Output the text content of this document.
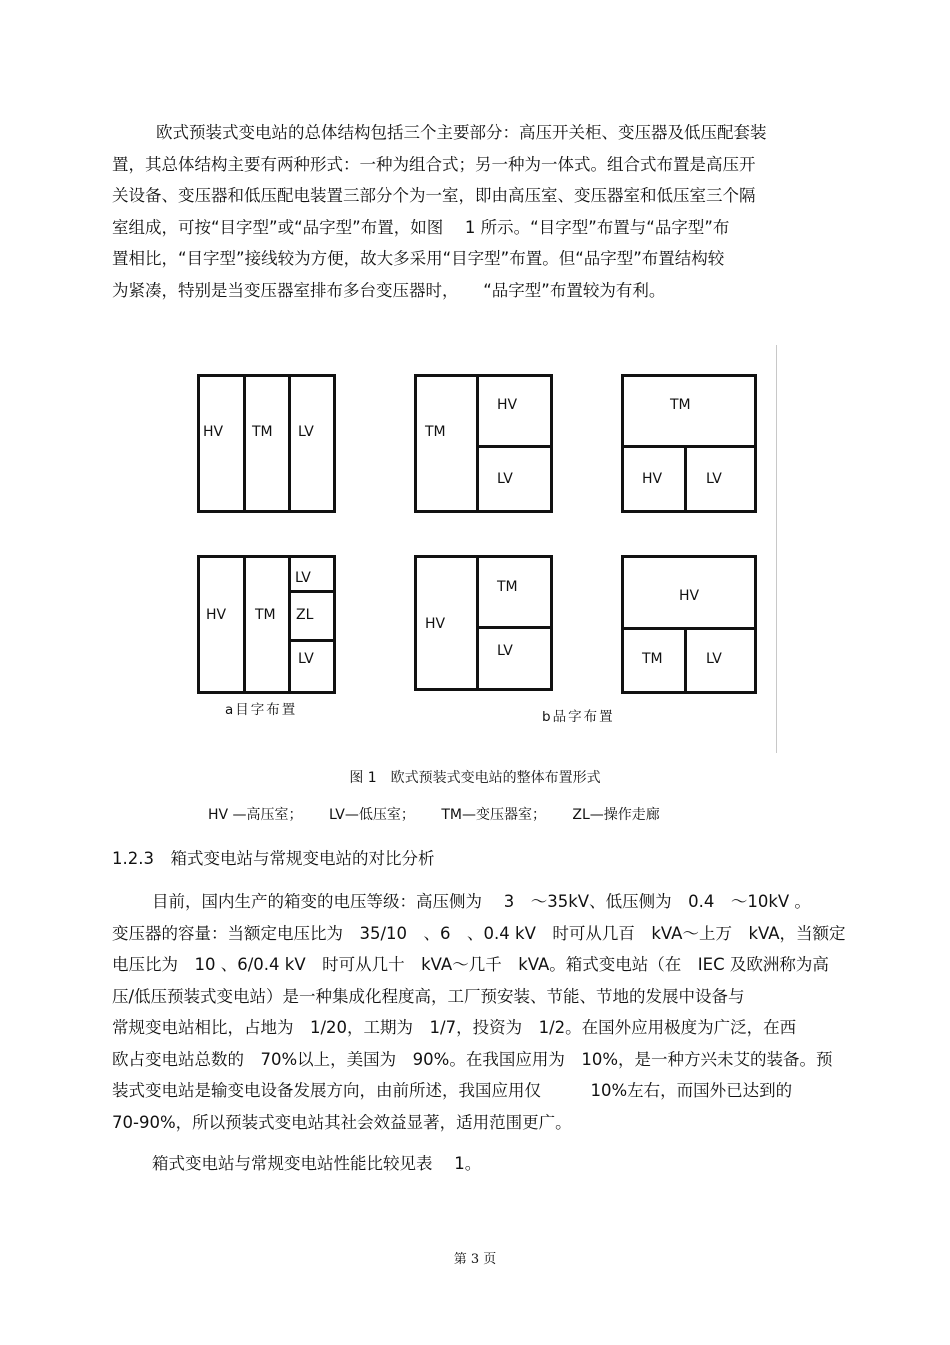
欧式预装式变电站的总体结构包括三个主要部分：高压开关柜、变压器及低压配套装
置，其总体结构主要有两种形式：一种为组合式；另一种为一体式。组合式布置是高压开
关设备、变压器和低压配电装置三部分个为一室，即由高压室、变压器室和低压室三个隔
室组成，可按“目字型”或“品字型”布置，如图　 1 所示。“目字型”布置与“品字型”布
置相比，“目字型”接线较为方便，故大多采用“目字型”布置。但“品字型”布置结构较
为紧凑，特别是当变压器室排布多台变压器时，　　“品字型”布置较为有利。
HV TM LV	TM
HV
LV
TM
HV	LV
HV TM
LV
ZL
LV
HV
TM
LV
HV
TM	LV
a目字布置	b品字布置
图 1　欧式预装式变电站的整体布置形式
HV —高压室； LV—低压室； TM—变压器室； ZL—操作走廊
1.2.3　箱式变电站与常规变电站的对比分析
目前，国内生产的箱变的电压等级：高压侧为　 3　～35kV、低压侧为　0.4　～10kV 。
变压器的容量：当额定电压比为　35/10　、6　、0.4 kV　时可从几百　kVA～上万　kVA，当额定
电压比为　10 、6/0.4 kV　时可从几十　kVA～几千　kVA。箱式变电站（在　IEC 及欧洲称为高
压/低压预装式变电站）是一种集成化程度高，工厂预安装、节能、节地的发展中设备与
常规变电站相比，占地为　1/20，工期为　1/7，投资为　1/2。在国外应用极度为广泛，在西
欧占变电站总数的　70%以上，美国为　90%。在我国应用为　10%，是一种方兴未艾的装备。预
装式变电站是输变电设备发展方向，由前所述，我国应用仅　　　10%左右，而国外已达到的
70-90%，所以预装式变电站其社会效益显著，适用范围更广。
箱式变电站与常规变电站性能比较见表　 1。
第 3 页
